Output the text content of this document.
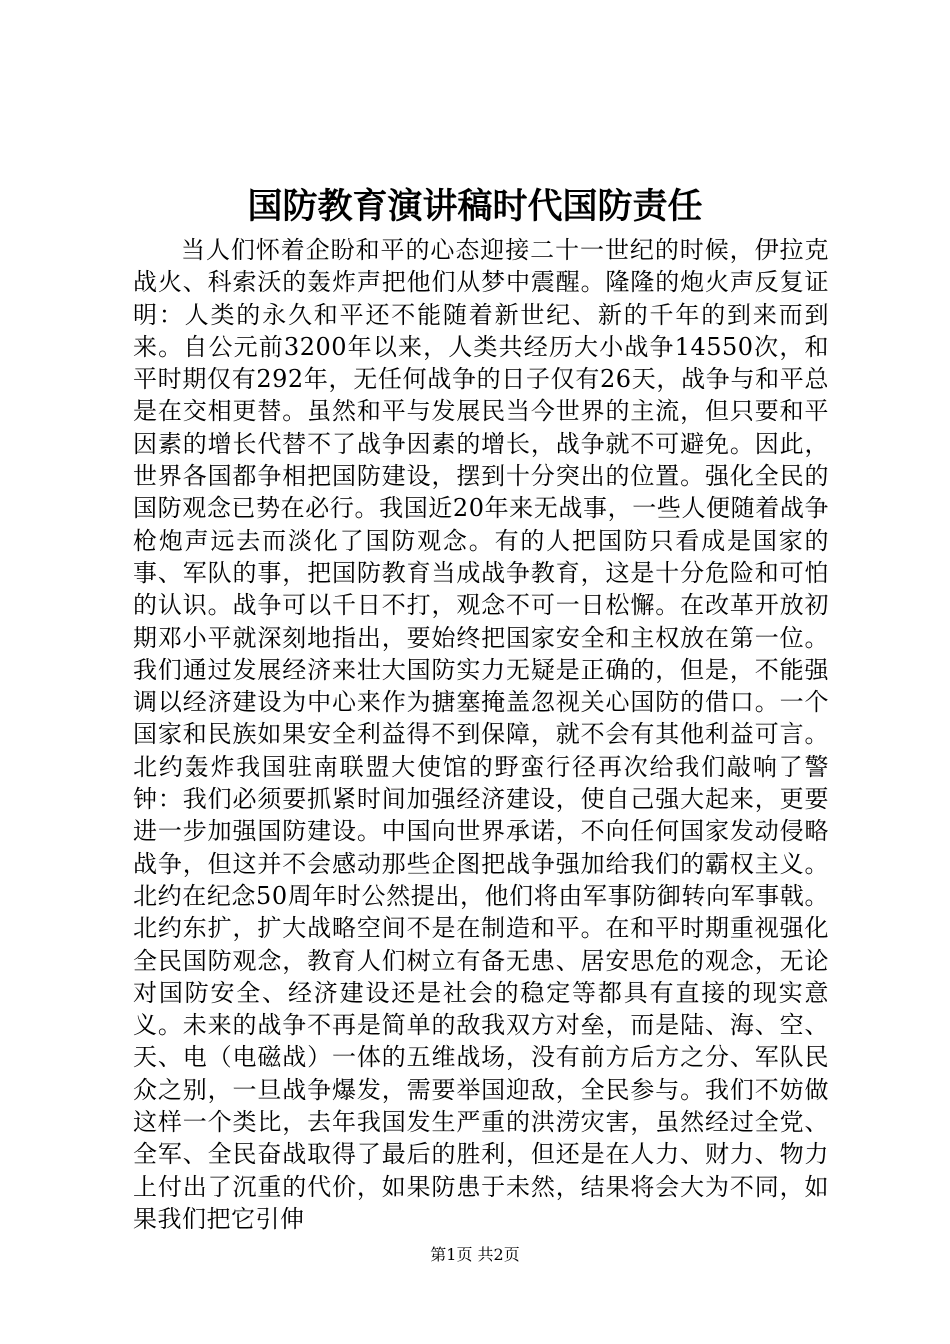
国防教育演讲稿时代国防责任

当人们怀着企盼和平的心态迎接二十一世纪的时候，伊拉克战火、科索沃的轰炸声把他们从梦中震醒。隆隆的炮火声反复证明：人类的永久和平还不能随着新世纪、新的千年的到来而到来。自公元前3200年以来，人类共经历大小战争14550次，和平时期仅有292年，无任何战争的日子仅有26天，战争与和平总是在交相更替。虽然和平与发展民当今世界的主流，但只要和平因素的增长代替不了战争因素的增长，战争就不可避免。因此，世界各国都争相把国防建设，摆到十分突出的位置。强化全民的国防观念已势在必行。我国近20年来无战事，一些人便随着战争枪炮声远去而淡化了国防观念。有的人把国防只看成是国家的事、军队的事，把国防教育当成战争教育，这是十分危险和可怕的认识。战争可以千日不打，观念不可一日松懈。在改革开放初期邓小平就深刻地指出，要始终把国家安全和主权放在第一位。我们通过发展经济来壮大国防实力无疑是正确的，但是，不能强调以经济建设为中心来作为搪塞掩盖忽视关心国防的借口。一个国家和民族如果安全利益得不到保障，就不会有其他利益可言。北约轰炸我国驻南联盟大使馆的野蛮行径再次给我们敲响了警钟：我们必须要抓紧时间加强经济建设，使自己强大起来，更要进一步加强国防建设。中国向世界承诺，不向任何国家发动侵略战争，但这并不会感动那些企图把战争强加给我们的霸权主义。北约在纪念50周年时公然提出，他们将由军事防御转向军事戟。北约东扩，扩大战略空间不是在制造和平。在和平时期重视强化全民国防观念，教育人们树立有备无患、居安思危的观念，无论对国防安全、经济建设还是社会的稳定等都具有直接的现实意义。未来的战争不再是简单的敌我双方对垒，而是陆、海、空、天、电（电磁战）一体的五维战场，没有前方后方之分、军队民众之别，一旦战争爆发，需要举国迎敌，全民参与。我们不妨做这样一个类比，去年我国发生严重的洪涝灾害，虽然经过全党、全军、全民奋战取得了最后的胜利，但还是在人力、财力、物力上付出了沉重的代价，如果防患于未然，结果将会大为不同，如果我们把它引伸

第1页 共2页
